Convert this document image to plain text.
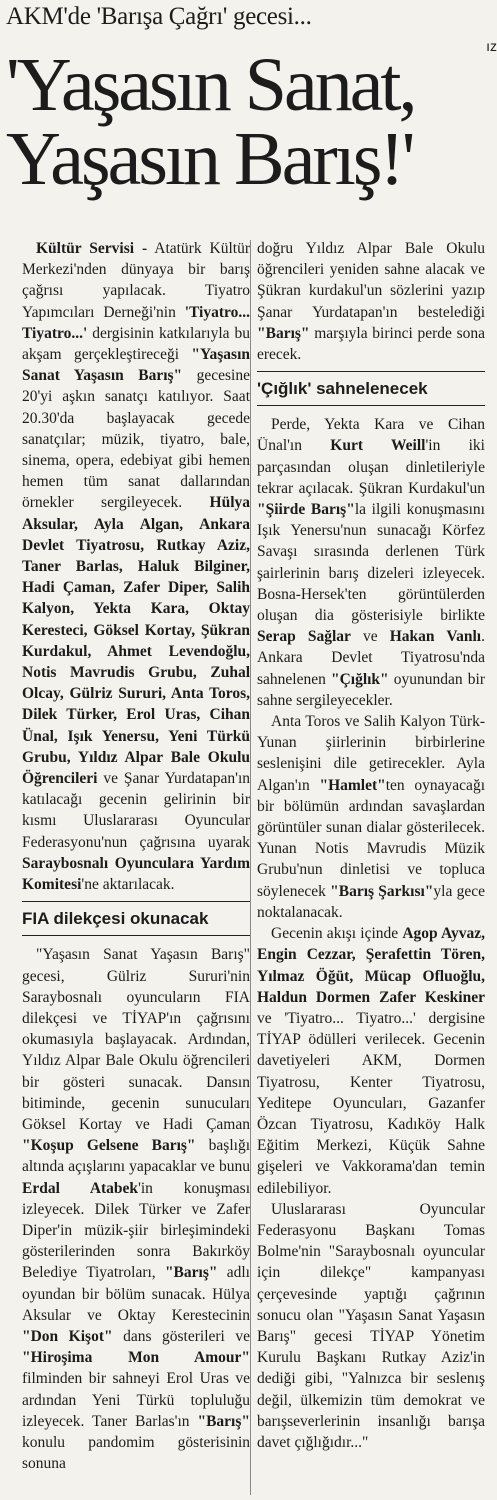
AKM'de 'Barışa Çağrı' gecesi...
ız
'Yaşasın Sanat,
Yaşasın Barış!'

Kültür Servisi - Atatürk Kültür Merkezi'nden dünyaya bir barış çağrısı yapılacak. Tiyatro Yapımcıları Derneği'nin 'Tiyatro... Tiyatro...' dergisinin katkılarıyla bu akşam gerçekleştireceği "Yaşasın Sanat Yaşasın Barış" gecesine 20'yi aşkın sanatçı katılıyor. Saat 20.30'da başlayacak gecede sanatçılar; müzik, tiyatro, bale, sinema, opera, edebiyat gibi hemen hemen tüm sanat dallarından örnekler sergileyecek. Hülya Aksular, Ayla Algan, Ankara Devlet Tiyatrosu, Rutkay Aziz, Taner Barlas, Haluk Bilginer, Hadi Çaman, Zafer Diper, Salih Kalyon, Yekta Kara, Oktay Keresteci, Göksel Kortay, Şükran Kurdakul, Ahmet Levendoğlu, Notis Mavrudis Grubu, Zuhal Olcay, Gülriz Sururi, Anta Toros, Dilek Türker, Erol Uras, Cihan Ünal, Işık Yenersu, Yeni Türkü Grubu, Yıldız Alpar Bale Okulu Öğrencileri ve Şanar Yurdatapan'ın katılacağı gecenin gelirinin bir kısmı Uluslararası Oyuncular Federasyonu'nun çağrısına uyarak Saraybosnalı Oyunculara Yardım Komitesi'ne aktarılacak.

FIA dilekçesi okunacak

"Yaşasın Sanat Yaşasın Barış" gecesi, Gülriz Sururi'nin Saraybosnalı oyuncuların FIA dilekçesi ve TİYAP'ın çağrısını okumasıyla başlayacak. Ardından, Yıldız Alpar Bale Okulu öğrencileri bir gösteri sunacak. Dansın bitiminde, gecenin sunucuları Göksel Kortay ve Hadi Çaman "Koşup Gelsene Barış" başlığı altında açışlarını yapacaklar ve bunu Erdal Atabek'in konuşması izleyecek. Dilek Türker ve Zafer Diper'in müzik-şiir birleşimindeki gösterilerinden sonra Bakırköy Belediye Tiyatroları, "Barış" adlı oyundan bir bölüm sunacak. Hülya Aksular ve Oktay Kerestecinin "Don Kişot" dans gösterileri ve "Hiroşima Mon Amour" filminden bir sahneyi Erol Uras ve ardından Yeni Türkü topluluğu izleyecek. Taner Barlas'ın "Barış" konulu pandomim gösterisinin sonuna

doğru Yıldız Alpar Bale Okulu öğrencileri yeniden sahne alacak ve Şükran kurdakul'un sözlerini yazıp Şanar Yurdatapan'ın bestelediği "Barış" marşıyla birinci perde sona erecek.

'Çığlık' sahnelenecek

Perde, Yekta Kara ve Cihan Ünal'ın Kurt Weill'in iki parçasından oluşan dinletileriyle tekrar açılacak. Şükran Kurdakul'un "Şiirde Barış"la ilgili konuşmasını Işık Yenersu'nun sunacağı Körfez Savaşı sırasında derlenen Türk şairlerinin barış dizeleri izleyecek. Bosna-Hersek'ten görüntülerden oluşan dia gösterisiyle birlikte Serap Sağlar ve Hakan Vanlı. Ankara Devlet Tiyatrosu'nda sahnelenen "Çığlık" oyunundan bir sahne sergileyecekler.

Anta Toros ve Salih Kalyon Türk-Yunan şiirlerinin birbirlerine seslenişini dile getirecekler. Ayla Algan'ın "Hamlet"ten oynayacağı bir bölümün ardından savaşlardan görüntüler sunan dialar gösterilecek. Yunan Notis Mavrudis Müzik Grubu'nun dinletisi ve topluca söylenecek "Barış Şarkısı"yla gece noktalanacak.

Gecenin akışı içinde Agop Ayvaz, Engin Cezzar, Şerafettin Tören, Yılmaz Öğüt, Mücap Ofluoğlu, Haldun Dormen Zafer Keskiner ve 'Tiyatro... Tiyatro...' dergisine TİYAP ödülleri verilecek. Gecenin davetiyeleri AKM, Dormen Tiyatrosu, Kenter Tiyatrosu, Yeditepe Oyuncuları, Gazanfer Özcan Tiyatrosu, Kadıköy Halk Eğitim Merkezi, Küçük Sahne gişeleri ve Vakkorama'dan temin edilebiliyor.

Uluslararası Oyuncular Federasyonu Başkanı Tomas Bolme'nin "Saraybosnalı oyuncular için dilekçe" kampanyası çerçevesinde yaptığı çağrının sonucu olan "Yaşasın Sanat Yaşasın Barış" gecesi TİYAP Yönetim Kurulu Başkanı Rutkay Aziz'in dediği gibi, "Yalnızca bir seslenış değil, ülkemizin tüm demokrat ve barışseverlerinin insanlığı barışa davet çığlığıdır..."
